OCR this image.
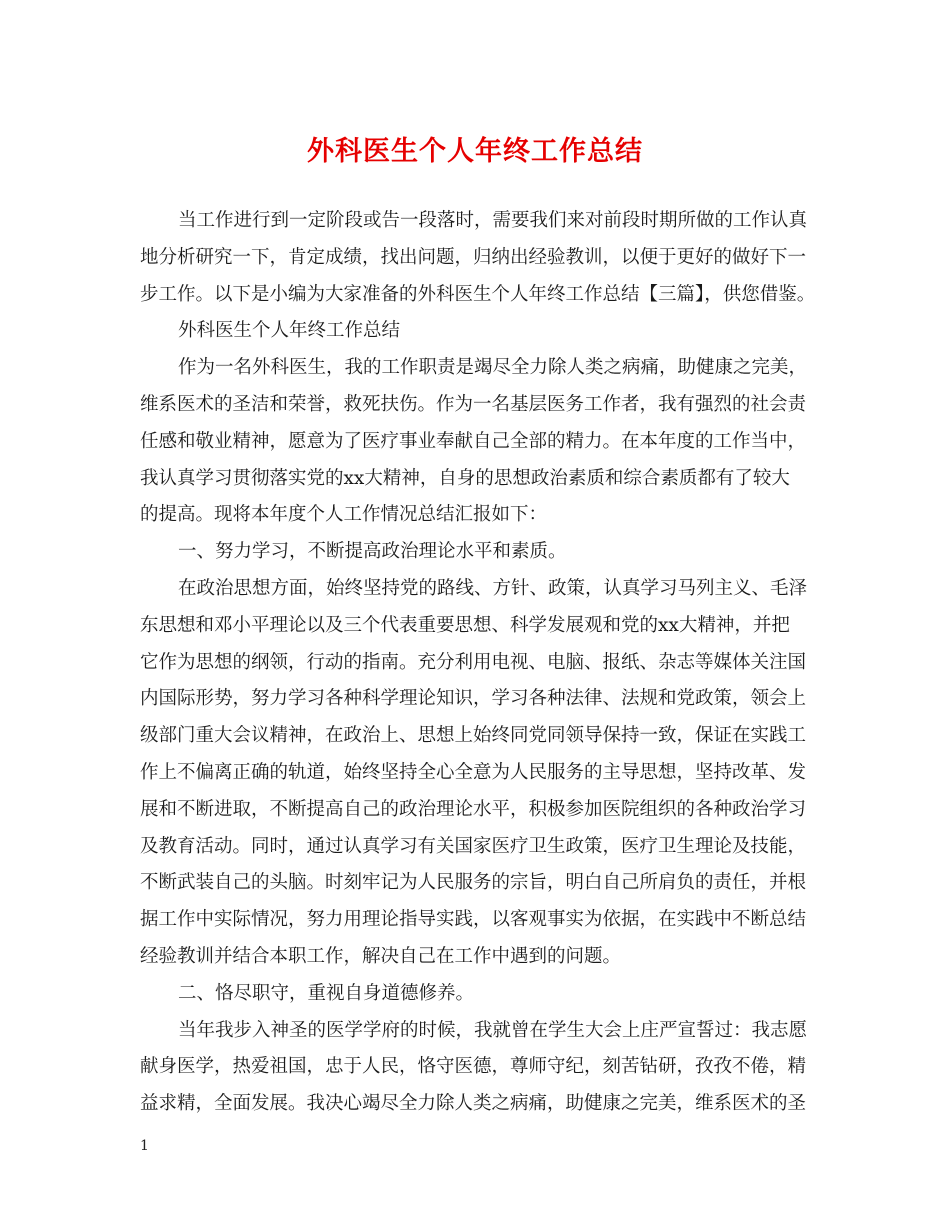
外科医生个人年终工作总结
当工作进行到一定阶段或告一段落时，需要我们来对前段时期所做的工作认真
地分析研究一下，肯定成绩，找出问题，归纳出经验教训，以便于更好的做好下一
步工作。以下是小编为大家准备的外科医生个人年终工作总结【三篇】，供您借鉴。
外科医生个人年终工作总结
作为一名外科医生，我的工作职责是竭尽全力除人类之病痛，助健康之完美，
维系医术的圣洁和荣誉，救死扶伤。作为一名基层医务工作者，我有强烈的社会责
任感和敬业精神，愿意为了医疗事业奉献自己全部的精力。在本年度的工作当中，
我认真学习贯彻落实党的xx大精神，自身的思想政治素质和综合素质都有了较大
的提高。现将本年度个人工作情况总结汇报如下：
一、努力学习，不断提高政治理论水平和素质。
在政治思想方面，始终坚持党的路线、方针、政策，认真学习马列主义、毛泽
东思想和邓小平理论以及三个代表重要思想、科学发展观和党的xx大精神，并把
它作为思想的纲领，行动的指南。充分利用电视、电脑、报纸、杂志等媒体关注国
内国际形势，努力学习各种科学理论知识，学习各种法律、法规和党政策，领会上
级部门重大会议精神，在政治上、思想上始终同党同领导保持一致，保证在实践工
作上不偏离正确的轨道，始终坚持全心全意为人民服务的主导思想，坚持改革、发
展和不断进取，不断提高自己的政治理论水平，积极参加医院组织的各种政治学习
及教育活动。同时，通过认真学习有关国家医疗卫生政策，医疗卫生理论及技能，
不断武装自己的头脑。时刻牢记为人民服务的宗旨，明白自己所肩负的责任，并根
据工作中实际情况，努力用理论指导实践，以客观事实为依据，在实践中不断总结
经验教训并结合本职工作，解决自己在工作中遇到的问题。
二、恪尽职守，重视自身道德修养。
当年我步入神圣的医学学府的时候，我就曾在学生大会上庄严宣誓过：我志愿
献身医学，热爱祖国，忠于人民，恪守医德，尊师守纪，刻苦钻研，孜孜不倦，精
益求精，全面发展。我决心竭尽全力除人类之病痛，助健康之完美，维系医术的圣
1
